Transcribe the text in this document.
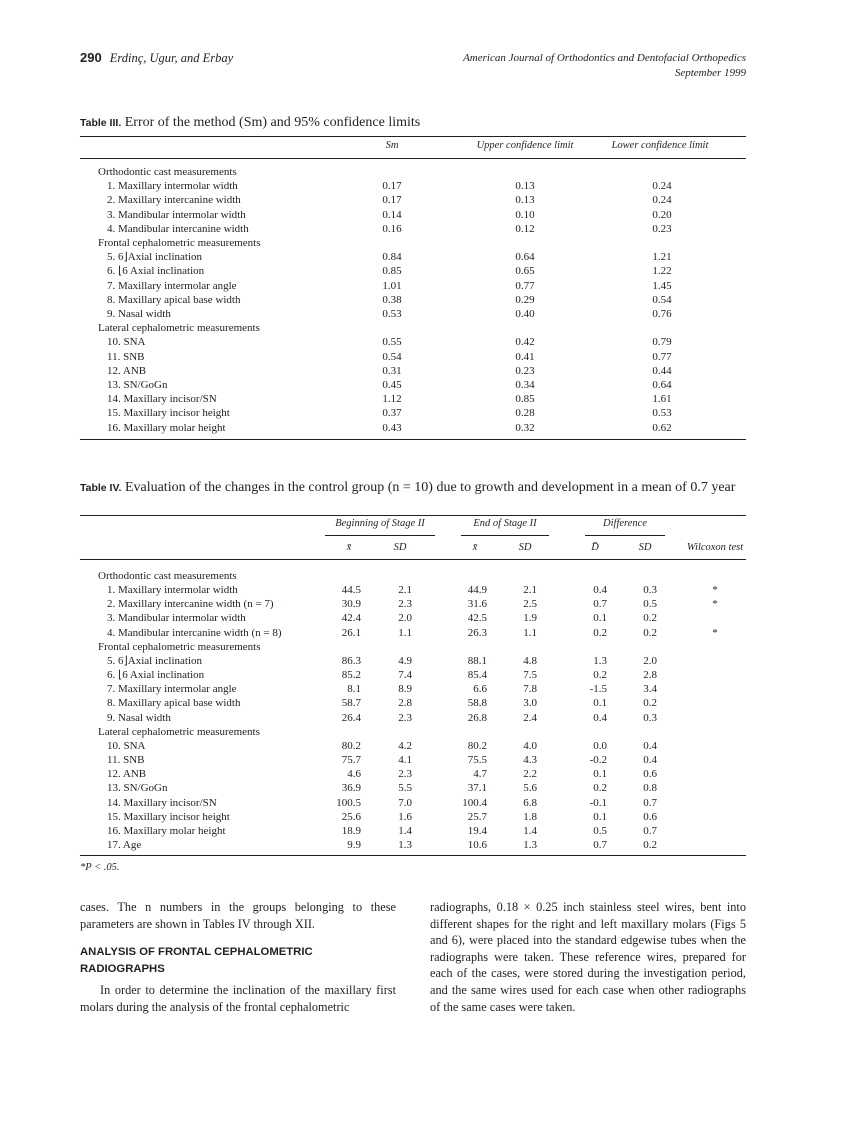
290 Erdinç, Ugur, and Erbay	American Journal of Orthodontics and Dentofacial Orthopedics
September 1999
Table III. Error of the method (Sm) and 95% confidence limits
Sm	Upper confidence limit	Lower confidence limit
Orthodontic cast measurements
1. Maxillary intermolar width	0.17	0.13	0.24
2. Maxillary intercanine width	0.17	0.13	0.24
3. Mandibular intermolar width	0.14	0.10	0.20
4. Mandibular intercanine width	0.16	0.12	0.23
Frontal cephalometric measurements
5. 6⌋Axial inclination	0.84	0.64	1.21
6. ⌊6 Axial inclination	0.85	0.65	1.22
7. Maxillary intermolar angle	1.01	0.77	1.45
8. Maxillary apical base width	0.38	0.29	0.54
9. Nasal width	0.53	0.40	0.76
Lateral cephalometric measurements
10. SNA	0.55	0.42	0.79
11. SNB	0.54	0.41	0.77
12. ANB	0.31	0.23	0.44
13. SN/GoGn	0.45	0.34	0.64
14. Maxillary incisor/SN	1.12	0.85	1.61
15. Maxillary incisor height	0.37	0.28	0.53
16. Maxillary molar height	0.43	0.32	0.62
Table IV. Evaluation of the changes in the control group (n = 10) due to growth and development in a mean of 0.7 year
Beginning of Stage II	End of Stage II	Difference
x̄	SD	x̄	SD	D̄	SD	Wilcoxon test
Orthodontic cast measurements
1. Maxillary intermolar width	44.5	2.1	44.9	2.1	0.4	0.3	*
2. Maxillary intercanine width (n = 7)	30.9	2.3	31.6	2.5	0.7	0.5	*
3. Mandibular intermolar width	42.4	2.0	42.5	1.9	0.1	0.2
4. Mandibular intercanine width (n = 8)	26.1	1.1	26.3	1.1	0.2	0.2	*
Frontal cephalometric measurements
5. 6⌋Axial inclination	86.3	4.9	88.1	4.8	1.3	2.0
6. ⌊6 Axial inclination	85.2	7.4	85.4	7.5	0.2	2.8
7. Maxillary intermolar angle	8.1	8.9	6.6	7.8	-1.5	3.4
8. Maxillary apical base width	58.7	2.8	58.8	3.0	0.1	0.2
9. Nasal width	26.4	2.3	26.8	2.4	0.4	0.3
Lateral cephalometric measurements
10. SNA	80.2	4.2	80.2	4.0	0.0	0.4
11. SNB	75.7	4.1	75.5	4.3	-0.2	0.4
12. ANB	4.6	2.3	4.7	2.2	0.1	0.6
13. SN/GoGn	36.9	5.5	37.1	5.6	0.2	0.8
14. Maxillary incisor/SN	100.5	7.0	100.4	6.8	-0.1	0.7
15. Maxillary incisor height	25.6	1.6	25.7	1.8	0.1	0.6
16. Maxillary molar height	18.9	1.4	19.4	1.4	0.5	0.7
17. Age	9.9	1.3	10.6	1.3	0.7	0.2
*P < .05.
cases. The n numbers in the groups belonging to these parameters are shown in Tables IV through XII.
ANALYSIS OF FRONTAL CEPHALOMETRIC RADIOGRAPHS
In order to determine the inclination of the maxillary first molars during the analysis of the frontal cephalometric
radiographs, 0.18 × 0.25 inch stainless steel wires, bent into different shapes for the right and left maxillary molars (Figs 5 and 6), were placed into the standard edgewise tubes when the radiographs were taken. These reference wires, prepared for each of the cases, were stored during the investigation period, and the same wires used for each case when other radiographs of the same cases were taken.
